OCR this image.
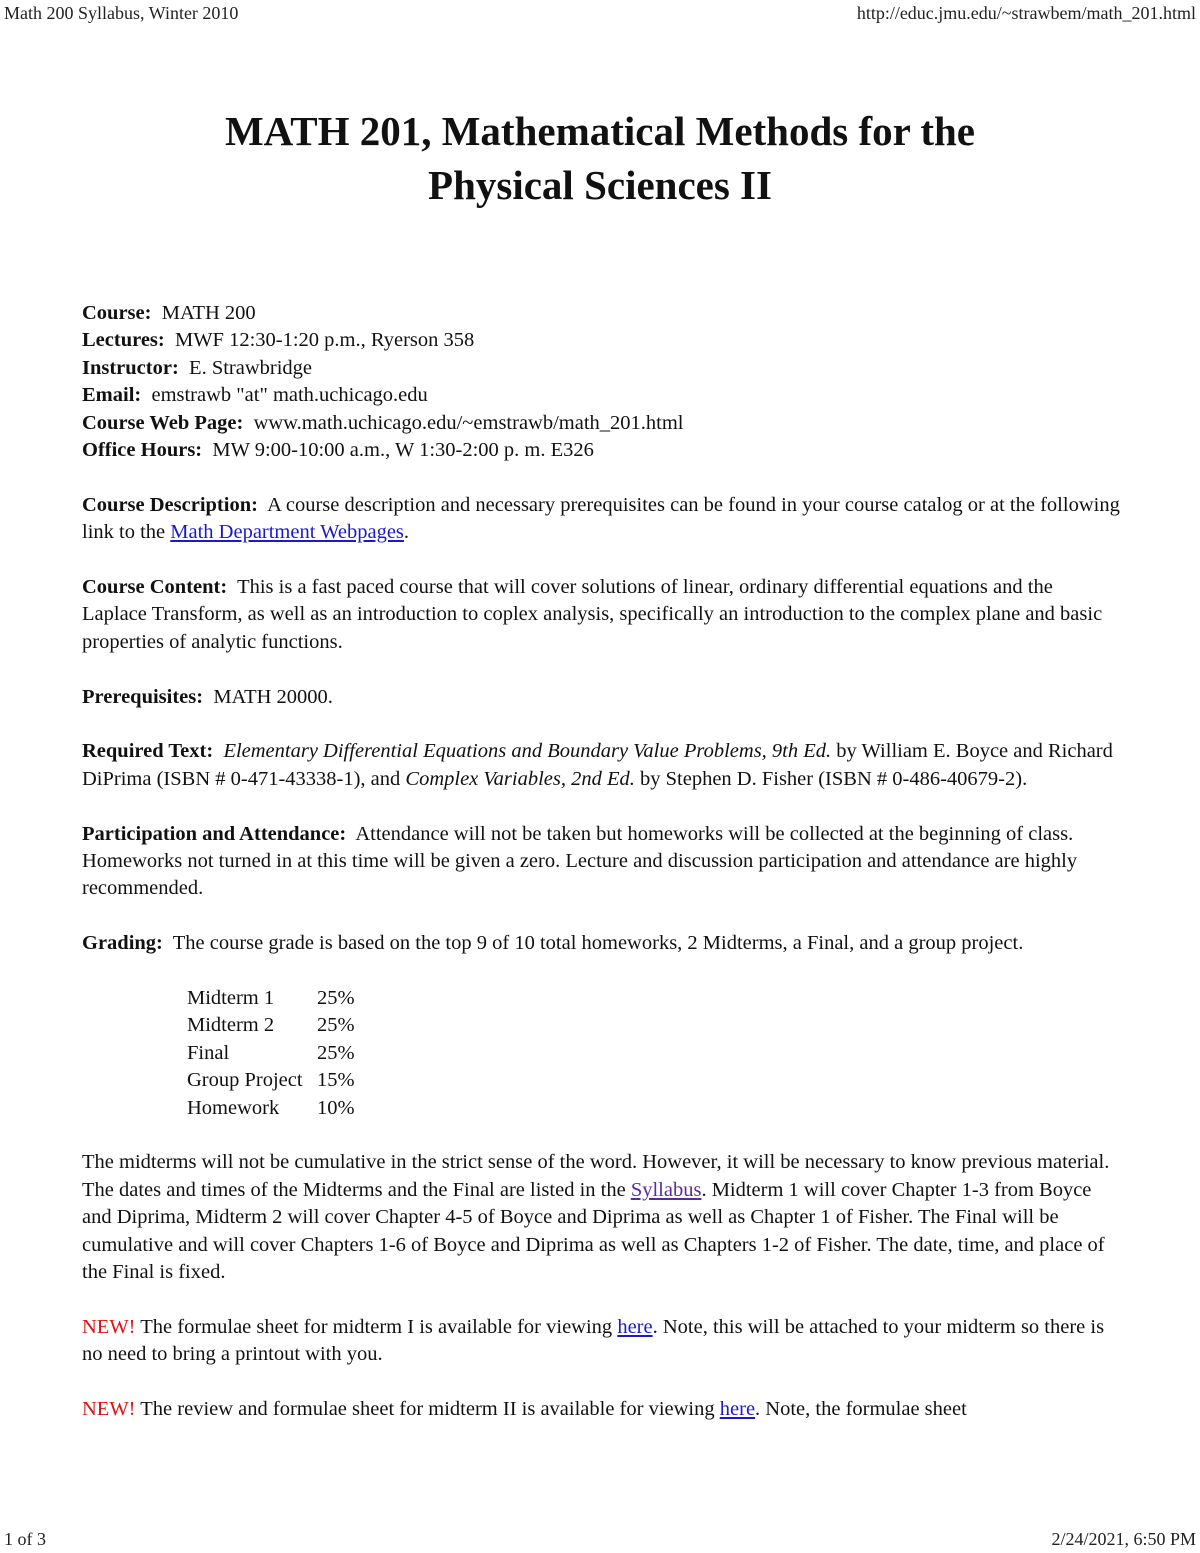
Math 200 Syllabus, Winter 2010	http://educ.jmu.edu/~strawbem/math_201.html
MATH 201, Mathematical Methods for the
Physical Sciences II
Course: MATH 200
Lectures: MWF 12:30-1:20 p.m., Ryerson 358
Instructor: E. Strawbridge
Email: emstrawb "at" math.uchicago.edu
Course Web Page: www.math.uchicago.edu/~emstrawb/math_201.html
Office Hours: MW 9:00-10:00 a.m., W 1:30-2:00 p. m. E326

Course Description: A course description and necessary prerequisites can be found in your course catalog or at the following link to the Math Department Webpages.

Course Content: This is a fast paced course that will cover solutions of linear, ordinary differential equations and the Laplace Transform, as well as an introduction to coplex analysis, specifically an introduction to the complex plane and basic properties of analytic functions.

Prerequisites: MATH 20000.

Required Text: Elementary Differential Equations and Boundary Value Problems, 9th Ed. by William E. Boyce and Richard DiPrima (ISBN # 0-471-43338-1), and Complex Variables, 2nd Ed. by Stephen D. Fisher (ISBN # 0-486-40679-2).

Participation and Attendance: Attendance will not be taken but homeworks will be collected at the beginning of class. Homeworks not turned in at this time will be given a zero. Lecture and discussion participation and attendance are highly recommended.

Grading: The course grade is based on the top 9 of 10 total homeworks, 2 Midterms, a Final, and a group project.

Midterm 1	25%
Midterm 2	25%
Final	25%
Group Project	15%
Homework	10%

The midterms will not be cumulative in the strict sense of the word. However, it will be necessary to know previous material. The dates and times of the Midterms and the Final are listed in the Syllabus. Midterm 1 will cover Chapter 1-3 from Boyce and Diprima, Midterm 2 will cover Chapter 4-5 of Boyce and Diprima as well as Chapter 1 of Fisher. The Final will be cumulative and will cover Chapters 1-6 of Boyce and Diprima as well as Chapters 1-2 of Fisher. The date, time, and place of the Final is fixed.

NEW! The formulae sheet for midterm I is available for viewing here. Note, this will be attached to your midterm so there is no need to bring a printout with you.

NEW! The review and formulae sheet for midterm II is available for viewing here. Note, the formulae sheet

1 of 3	2/24/2021, 6:50 PM
